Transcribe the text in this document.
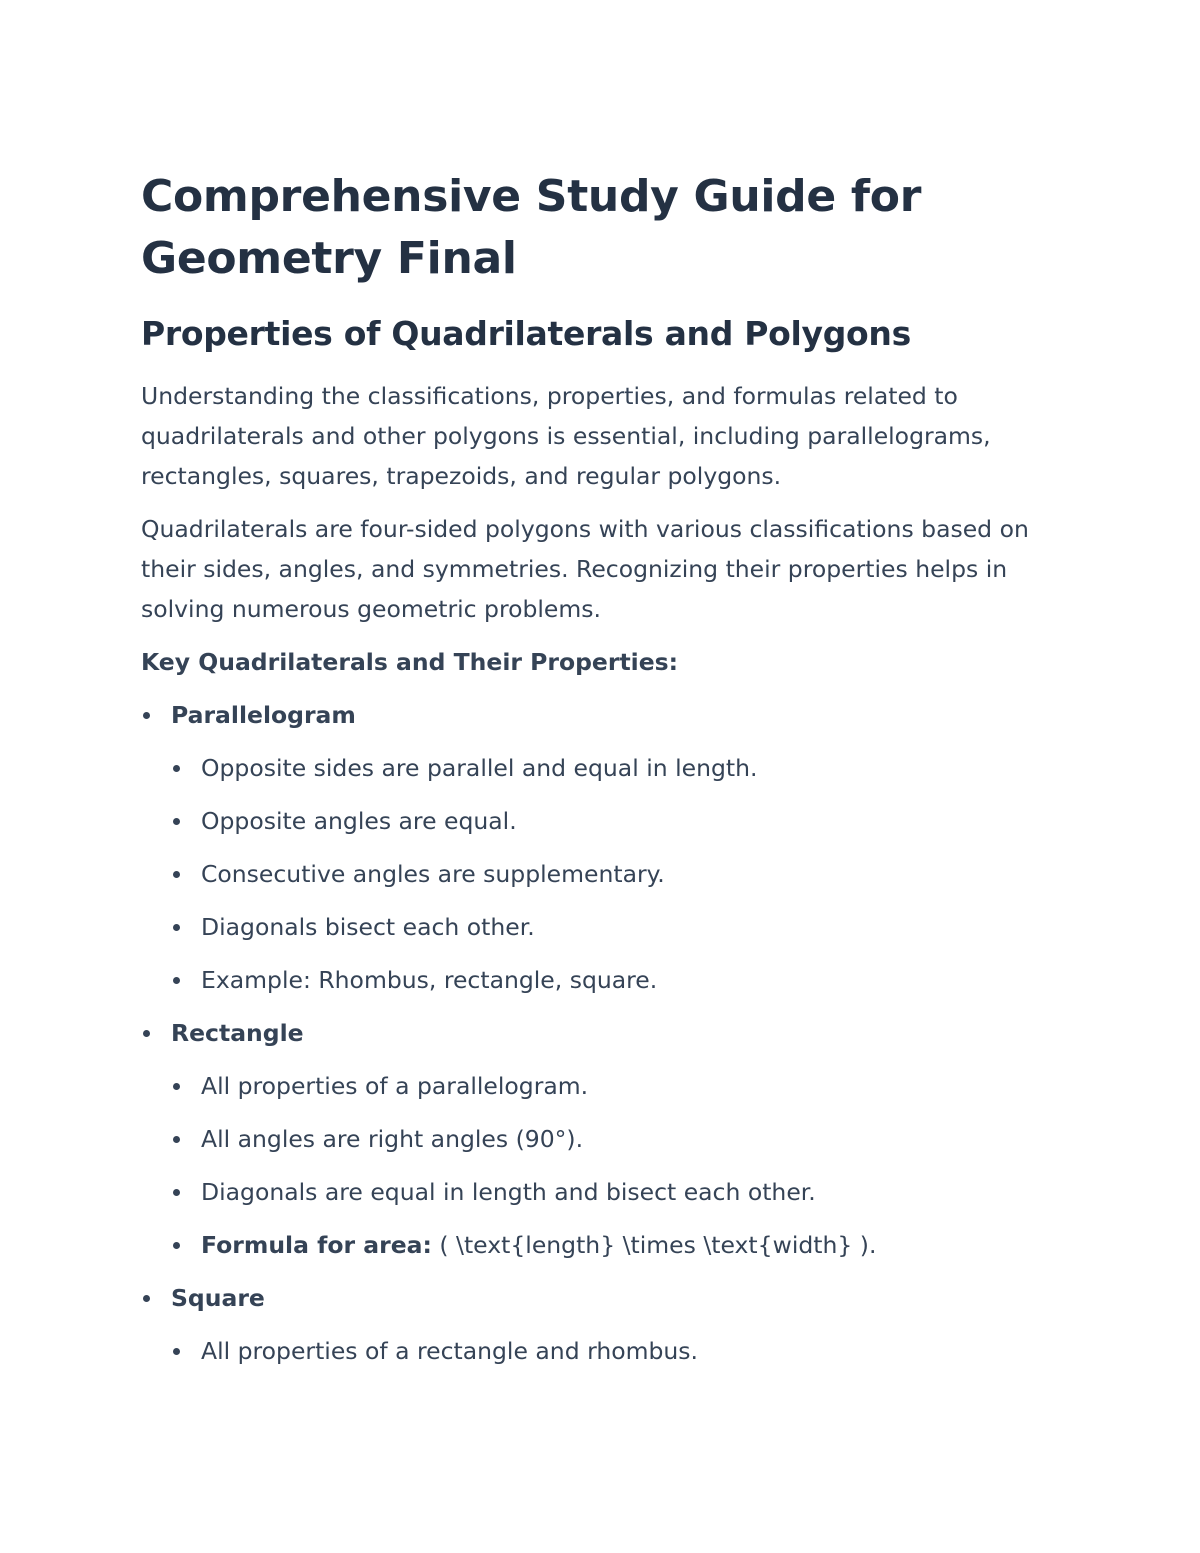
Comprehensive Study Guide for Geometry Final
Properties of Quadrilaterals and Polygons

Understanding the classifications, properties, and formulas related to quadrilaterals and other polygons is essential, including parallelograms, rectangles, squares, trapezoids, and regular polygons.

Quadrilaterals are four-sided polygons with various classifications based on their sides, angles, and symmetries. Recognizing their properties helps in solving numerous geometric problems.

Key Quadrilaterals and Their Properties:

Parallelogram
Opposite sides are parallel and equal in length.
Opposite angles are equal.
Consecutive angles are supplementary.
Diagonals bisect each other.
Example: Rhombus, rectangle, square.
Rectangle
All properties of a parallelogram.
All angles are right angles (90°).
Diagonals are equal in length and bisect each other.
Formula for area: ( \text{length} \times \text{width} ).
Square
All properties of a rectangle and rhombus.
